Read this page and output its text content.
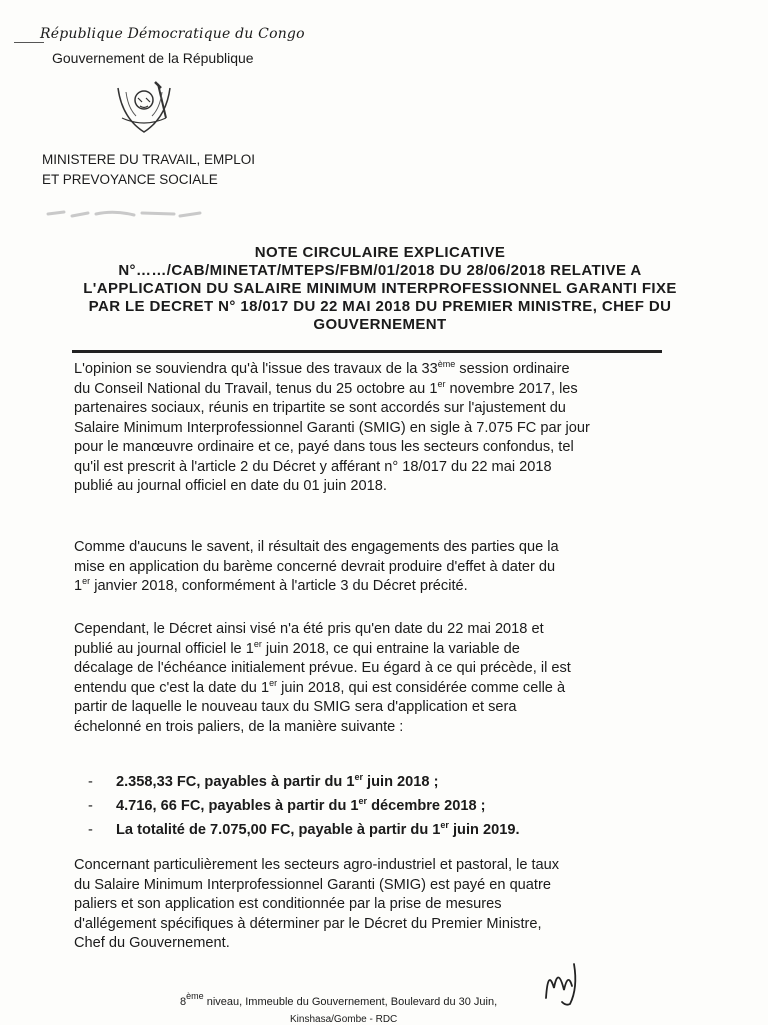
République Démocratique du Congo
Gouvernement de la République
MINISTERE DU TRAVAIL, EMPLOI
ET PREVOYANCE SOCIALE
NOTE CIRCULAIRE EXPLICATIVE
N°……/CAB/MINETAT/MTEPS/FBM/01/2018 DU 28/06/2018 RELATIVE A
L'APPLICATION DU SALAIRE MINIMUM INTERPROFESSIONNEL GARANTI FIXE
PAR LE DECRET N° 18/017 DU 22 MAI 2018 DU PREMIER MINISTRE, CHEF DU
GOUVERNEMENT
L'opinion se souviendra qu'à l'issue des travaux de la 33ème session ordinaire
du Conseil National du Travail, tenus du 25 octobre au 1er novembre 2017, les
partenaires sociaux, réunis en tripartite se sont accordés sur l'ajustement du
Salaire Minimum Interprofessionnel Garanti (SMIG) en sigle à 7.075 FC par jour
pour le manœuvre ordinaire et ce, payé dans tous les secteurs confondus, tel
qu'il est prescrit à l'article 2 du Décret y afférant n° 18/017 du 22 mai 2018
publié au journal officiel en date du 01 juin 2018.
Comme d'aucuns le savent, il résultait des engagements des parties que la
mise en application du barème concerné devrait produire d'effet à dater du
1er janvier 2018, conformément à l'article 3 du Décret précité.
Cependant, le Décret ainsi visé n'a été pris qu'en date du 22 mai 2018 et
publié au journal officiel le 1er juin 2018, ce qui entraine la variable de
décalage de l'échéance initialement prévue. Eu égard à ce qui précède, il est
entendu que c'est la date du 1er juin 2018, qui est considérée comme celle à
partir de laquelle le nouveau taux du SMIG sera d'application et sera
échelonné en trois paliers, de la manière suivante :
-	2.358,33 FC, payables à partir du 1er juin 2018 ;
-	4.716, 66 FC, payables à partir du 1er décembre 2018 ;
-	La totalité de 7.075,00 FC, payable à partir du 1er juin 2019.
Concernant particulièrement les secteurs agro-industriel et pastoral, le taux
du Salaire Minimum Interprofessionnel Garanti (SMIG) est payé en quatre
paliers et son application est conditionnée par la prise de mesures
d'allégement spécifiques à déterminer par le Décret du Premier Ministre,
Chef du Gouvernement.
8ème niveau, Immeuble du Gouvernement, Boulevard du 30 Juin,
Kinshasa/Gombe - RDC
